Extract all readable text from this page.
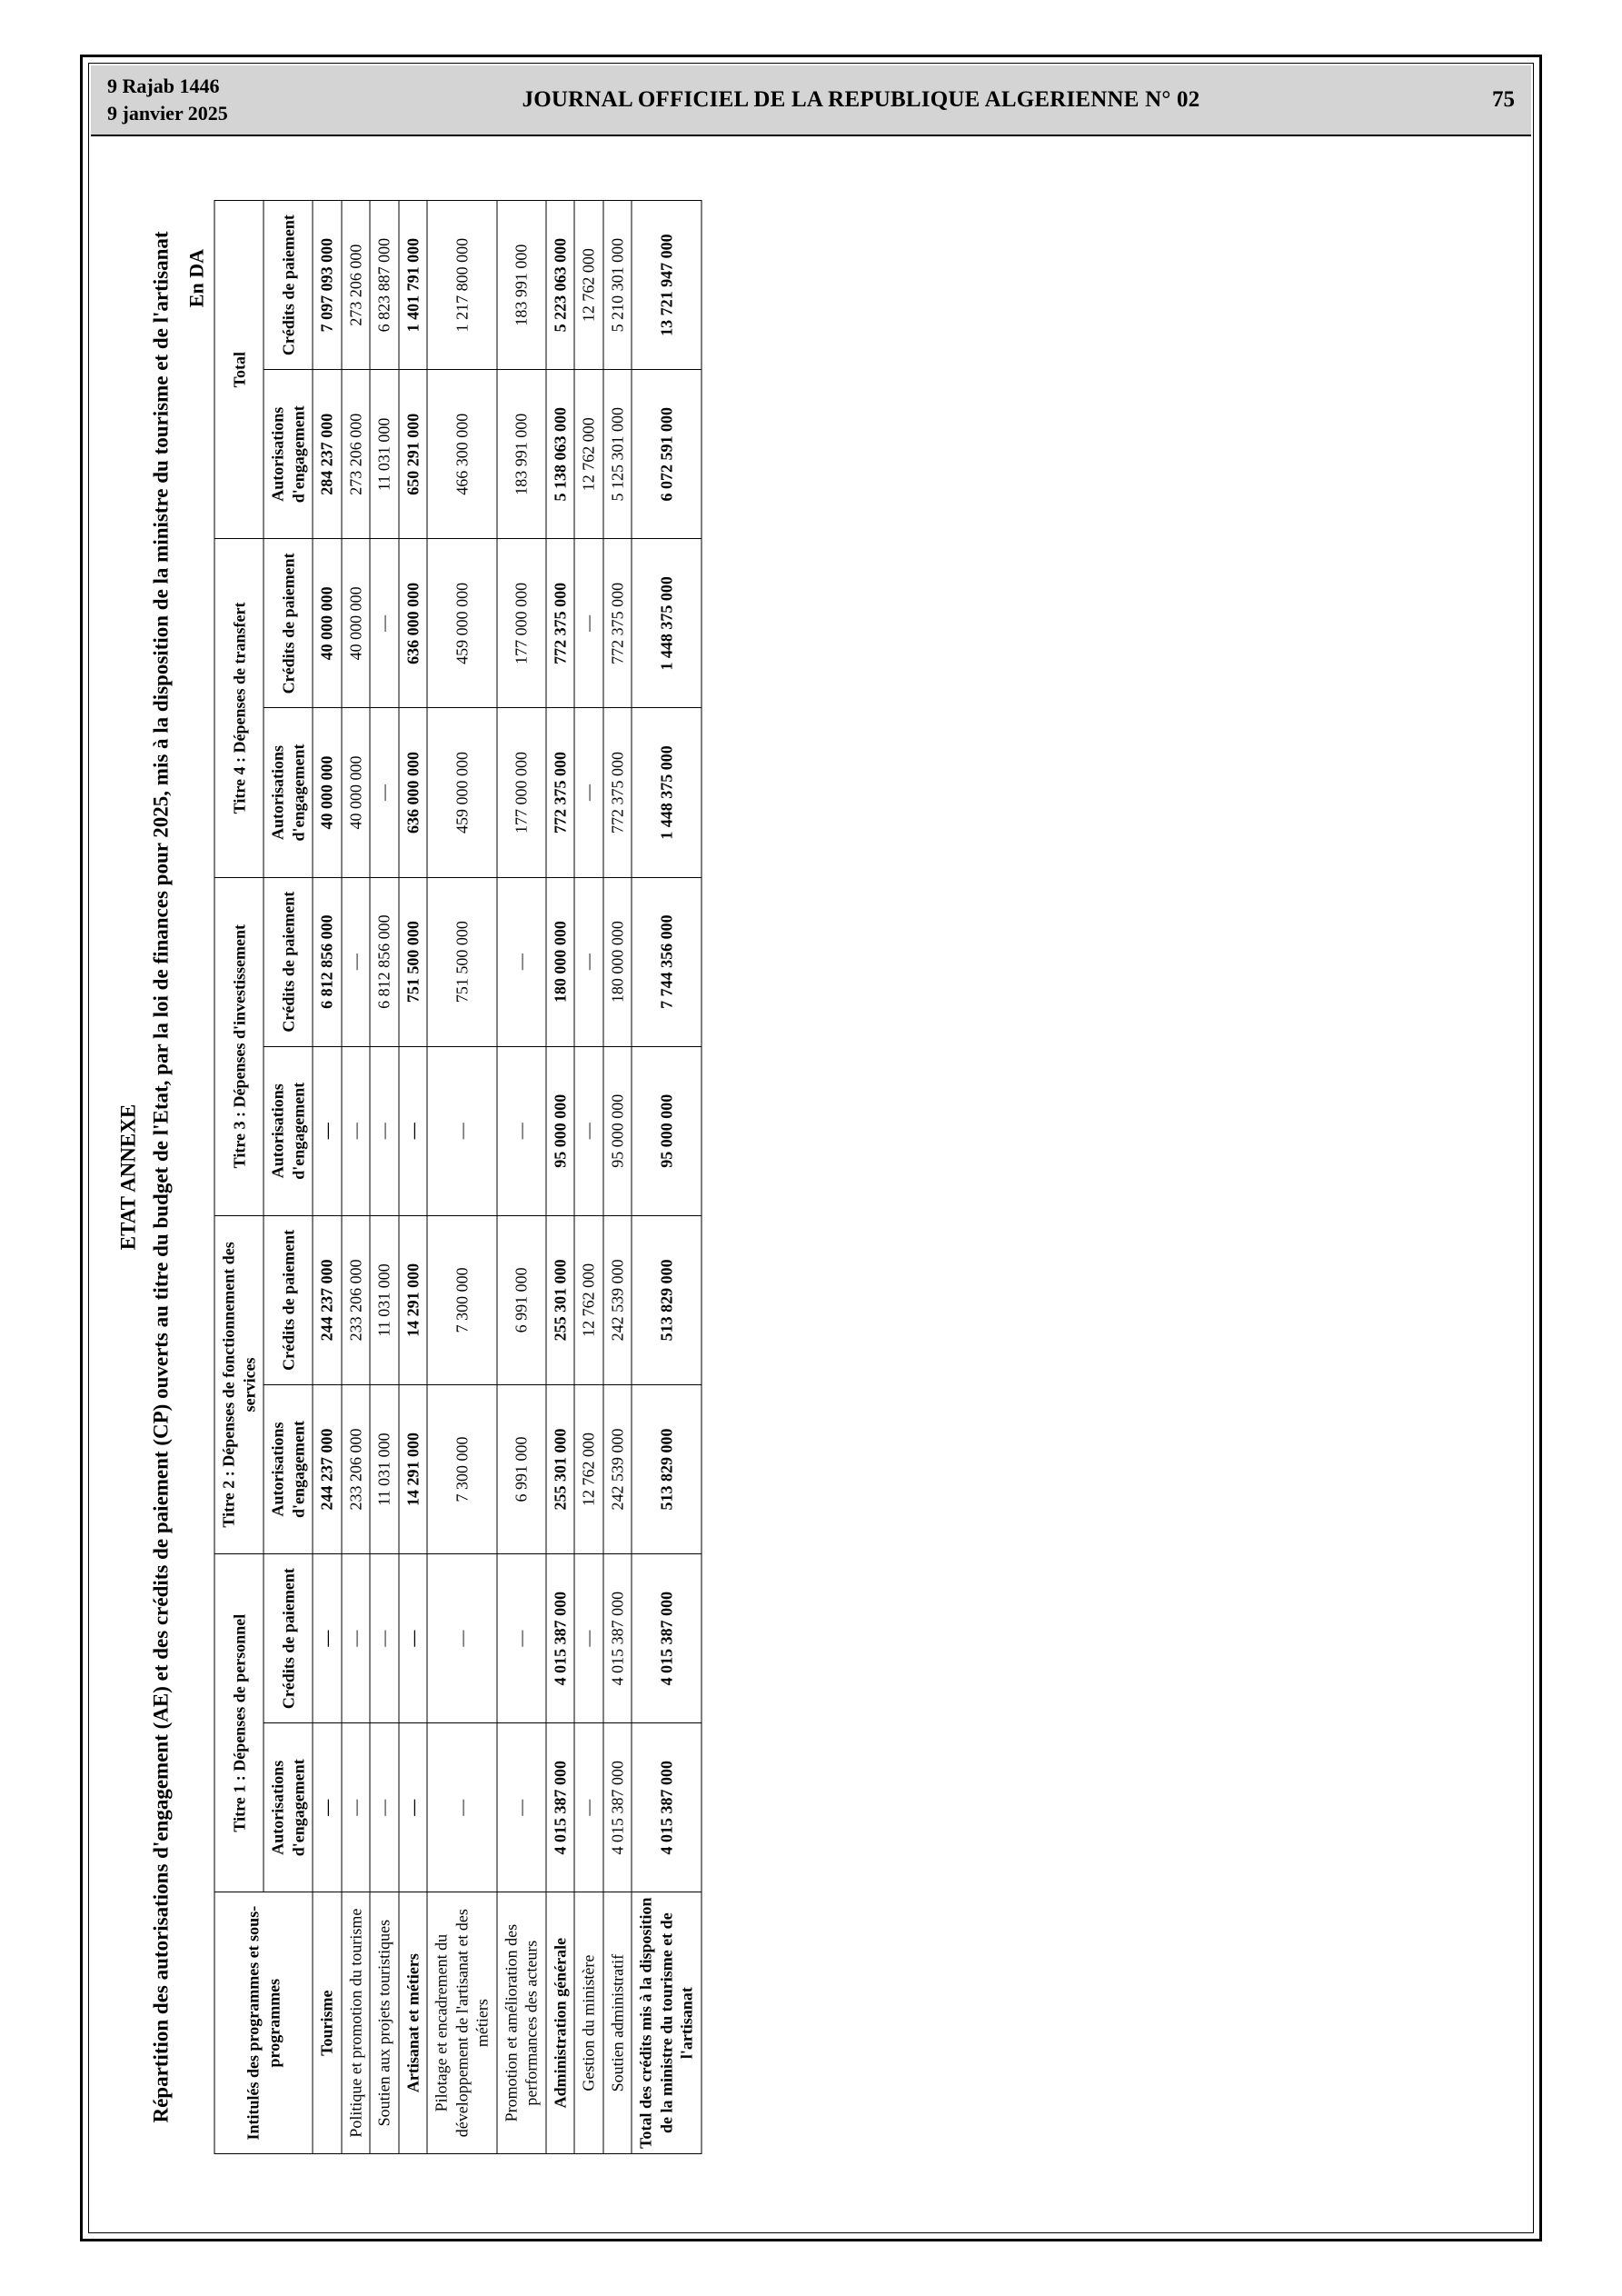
9 Rajab 1446
9 janvier 2025
JOURNAL OFFICIEL DE LA REPUBLIQUE ALGERIENNE N° 02	75
ETAT ANNEXE Répartition des autorisations d'engagement (AE) et des crédits de paiement (CP) ouverts au titre du budget de l'Etat, par la loi de finances pour 2025, mis à la disposition de la ministre du tourisme et de l'artisanat En DA
Intitulés des programmes et sous-programmes	Titre 1 : Dépenses de personnel		Titre 2 : Dépenses de fonctionnement des services		Titre 3 : Dépenses d'investissement		Titre 4 : Dépenses de transfert		Total	
	Autorisations d'engagement	Crédits de paiement	Autorisations d'engagement	Crédits de paiement	Autorisations d'engagement	Crédits de paiement	Autorisations d'engagement	Crédits de paiement	Autorisations d'engagement	Crédits de paiement
Tourisme	—	—	244 237 000	244 237 000	—	6 812 856 000	40 000 000	40 000 000	284 237 000	7 097 093 000
Politique et promotion du tourisme	—	—	233 206 000	233 206 000	—	—	40 000 000	40 000 000	273 206 000	273 206 000
Soutien aux projets touristiques	—	—	11 031 000	11 031 000	—	6 812 856 000	—	—	11 031 000	6 823 887 000
Artisanat et métiers	—	—	14 291 000	14 291 000	—	751 500 000	636 000 000	636 000 000	650 291 000	1 401 791 000
Pilotage et encadrement du développement de l'artisanat et des métiers	—	—	7 300 000	7 300 000	—	751 500 000	459 000 000	459 000 000	466 300 000	1 217 800 000
Promotion et amélioration des performances des acteurs	—	—	6 991 000	6 991 000	—	—	177 000 000	177 000 000	183 991 000	183 991 000
Administration générale	4 015 387 000	4 015 387 000	255 301 000	255 301 000	95 000 000	180 000 000	772 375 000	772 375 000	5 138 063 000	5 223 063 000
Gestion du ministère	—	—	12 762 000	12 762 000	—	—	—	—	12 762 000	12 762 000
Soutien administratif	4 015 387 000	4 015 387 000	242 539 000	242 539 000	95 000 000	180 000 000	772 375 000	772 375 000	5 125 301 000	5 210 301 000
Total des crédits mis à la disposition de la ministre du tourisme et de l'artisanat	4 015 387 000	4 015 387 000	513 829 000	513 829 000	95 000 000	7 744 356 000	1 448 375 000	1 448 375 000	6 072 591 000	13 721 947 000
